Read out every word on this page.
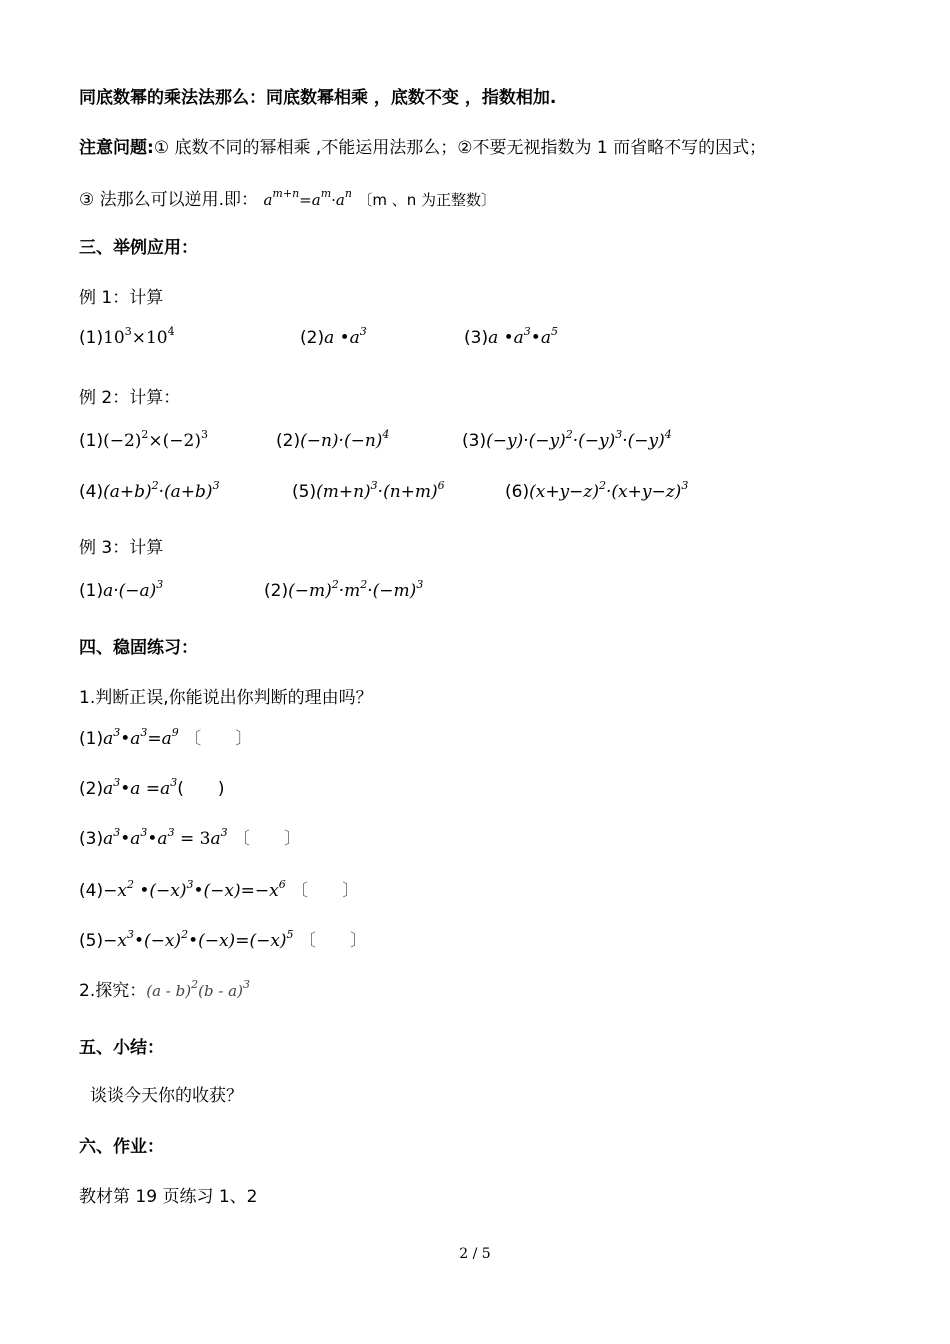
同底数幂的乘法法那么：同底数幂相乘 ，底数不变 ，指数相加.
注意问题:① 底数不同的幂相乘 ,不能运用法那么；②不要无视指数为 1 而省略不写的因式；
③ 法那么可以逆用.即： $a^{m+n}=a^m\cdot a^n$ 〔m 、n 为正整数〕
三、举例应用：
例 1：计算
$(1)10^3\times 10^4$	(2)a $•a^3$	(3)a $•a^3•a^5$
例 2：计算：
$(1)(-2)^2\times(-2)^3$	$(2)(-n)\cdot(-n)^4$	$(3)(-y)\cdot(-y)^2\cdot(-y)^3\cdot(-y)^4$
$(4)(a+b)^2\cdot(a+b)^3$	$(5)(m+n)^3\cdot(n+m)^6$	$(6)(x+y-z)^2\cdot(x+y-z)^3$
例 3：计算
$(1)a\cdot(-a)^3$	$(2)(-m)^2\cdot m^2\cdot(-m)^3$
四、稳固练习：
1.判断正误,你能说出你判断的理由吗？
$(1)a^3•a^3=a^9$ 〔　　〕
$(2)a^3•a =a^3$(　　)
$(3)a^3•a^3•a^3 = 3a^3$ 〔　　〕
$(4)-x^2$ $•(-x)^3•(-x)=-x^6$ 〔　　〕
$(5)-x^3•(-x)^2•(-x)=(-x)^5$ 〔　　〕
2.探究：(a - b)$^2$(b - a)$^3$
五、小结：
谈谈今天你的收获？
六、作业：
教材第 19 页练习 1、2
2 / 5
